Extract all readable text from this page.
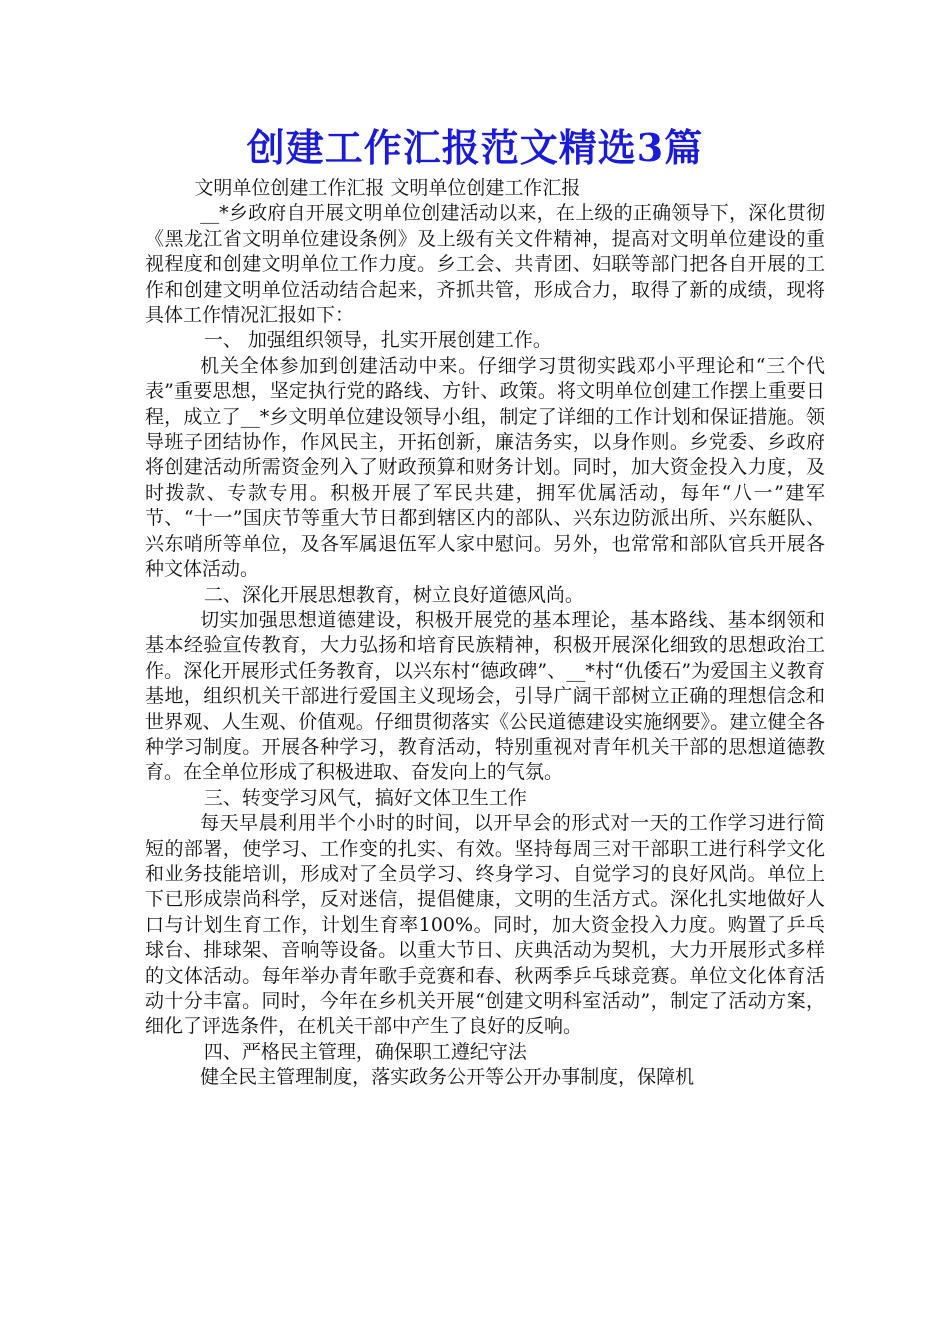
创建工作汇报范文精选3篇

文明单位创建工作汇报 文明单位创建工作汇报

__*乡政府自开展文明单位创建活动以来，在上级的正确领导下，深化贯彻《黑龙江省文明单位建设条例》及上级有关文件精神，提高对文明单位建设的重视程度和创建文明单位工作力度。乡工会、共青团、妇联等部门把各自开展的工作和创建文明单位活动结合起来，齐抓共管，形成合力，取得了新的成绩，现将具体工作情况汇报如下：

一、 加强组织领导，扎实开展创建工作。

机关全体参加到创建活动中来。仔细学习贯彻实践邓小平理论和“三个代表”重要思想，坚定执行党的路线、方针、政策。将文明单位创建工作摆上重要日程，成立了__*乡文明单位建设领导小组，制定了详细的工作计划和保证措施。领导班子团结协作，作风民主，开拓创新，廉洁务实，以身作则。乡党委、乡政府将创建活动所需资金列入了财政预算和财务计划。同时，加大资金投入力度，及时拨款、专款专用。积极开展了军民共建，拥军优属活动，每年“八一”建军节、“十一”国庆节等重大节日都到辖区内的部队、兴东边防派出所、兴东艇队、兴东哨所等单位，及各军属退伍军人家中慰问。另外，也常常和部队官兵开展各种文体活动。

二、深化开展思想教育，树立良好道德风尚。

切实加强思想道德建设，积极开展党的基本理论，基本路线、基本纲领和基本经验宣传教育，大力弘扬和培育民族精神，积极开展深化细致的思想政治工作。深化开展形式任务教育，以兴东村“德政碑”、__*村“仇倭石”为爱国主义教育基地，组织机关干部进行爱国主义现场会，引导广阔干部树立正确的理想信念和世界观、人生观、价值观。仔细贯彻落实《公民道德建设实施纲要》。建立健全各种学习制度。开展各种学习，教育活动，特别重视对青年机关干部的思想道德教育。在全单位形成了积极进取、奋发向上的气氛。

三、转变学习风气，搞好文体卫生工作

每天早晨利用半个小时的时间，以开早会的形式对一天的工作学习进行简短的部署，使学习、工作变的扎实、有效。坚持每周三对干部职工进行科学文化和业务技能培训，形成对了全员学习、终身学习、自觉学习的良好风尚。单位上下已形成崇尚科学，反对迷信，提倡健康，文明的生活方式。深化扎实地做好人口与计划生育工作，计划生育率100%。同时，加大资金投入力度。购置了乒乓球台、排球架、音响等设备。以重大节日、庆典活动为契机，大力开展形式多样的文体活动。每年举办青年歌手竞赛和春、秋两季乒乓球竞赛。单位文化体育活动十分丰富。同时，今年在乡机关开展“创建文明科室活动”，制定了活动方案，细化了评选条件，在机关干部中产生了良好的反响。

四、严格民主管理，确保职工遵纪守法

健全民主管理制度，落实政务公开等公开办事制度，保障机
